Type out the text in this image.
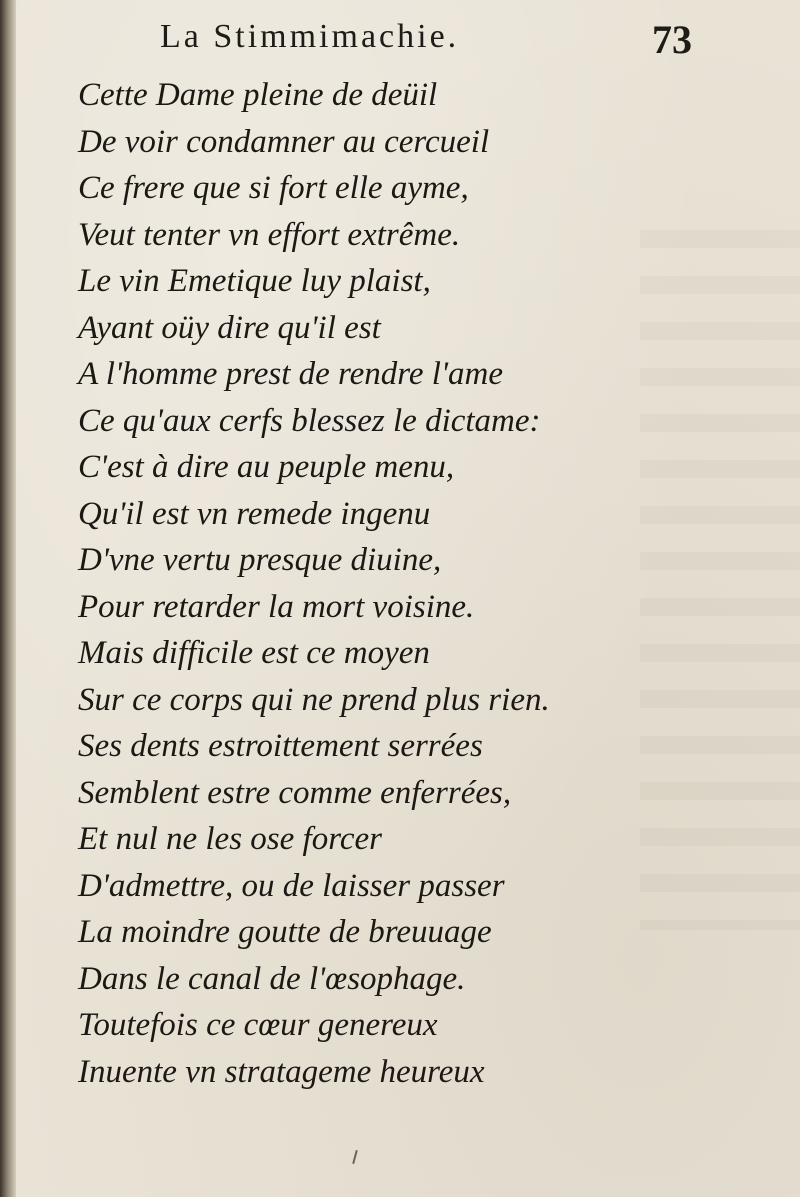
La Stimmimachie.	73
Cette Dame pleine de deüil
De voir condamner au cercueil
Ce frere que si fort elle ayme,
Veut tenter vn effort extrême.
Le vin Emetique luy plaist,
Ayant oüy dire qu'il est
A l'homme prest de rendre l'ame
Ce qu'aux cerfs blessez le dictame:
C'est à dire au peuple menu,
Qu'il est vn remede ingenu
D'vne vertu presque diuine,
Pour retarder la mort voisine.
Mais difficile est ce moyen
Sur ce corps qui ne prend plus rien.
Ses dents estroittement serrées
Semblent estre comme enferrées,
Et nul ne les ose forcer
D'admettre, ou de laisser passer
La moindre goutte de breuuage
Dans le canal de l'œsophage.
Toutefois ce cœur genereux
Inuente vn stratageme heureux
